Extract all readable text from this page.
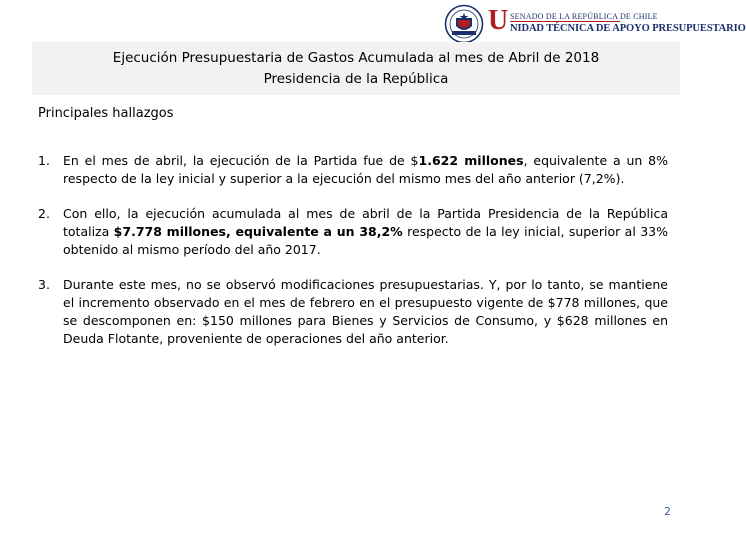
U SENADO DE LA REPÚBLICA DE CHILE
NIDAD TÉCNICA DE APOYO PRESUPUESTARIO
Ejecución Presupuestaria de Gastos Acumulada al mes de Abril de 2018
Presidencia de la República
Principales hallazgos
1. En el mes de abril, la ejecución de la Partida fue de $1.622 millones, equivalente a un 8% respecto de la ley inicial y superior a la ejecución del mismo mes del año anterior (7,2%).
2. Con ello, la ejecución acumulada al mes de abril de la Partida Presidencia de la República totaliza $7.778 millones, equivalente a un 38,2% respecto de la ley inicial, superior al 33% obtenido al mismo período del año 2017.
3. Durante este mes, no se observó modificaciones presupuestarias. Y, por lo tanto, se mantiene el incremento observado en el mes de febrero en el presupuesto vigente de $778 millones, que se descomponen en: $150 millones para Bienes y Servicios de Consumo, y $628 millones en Deuda Flotante, proveniente de operaciones del año anterior.
2
